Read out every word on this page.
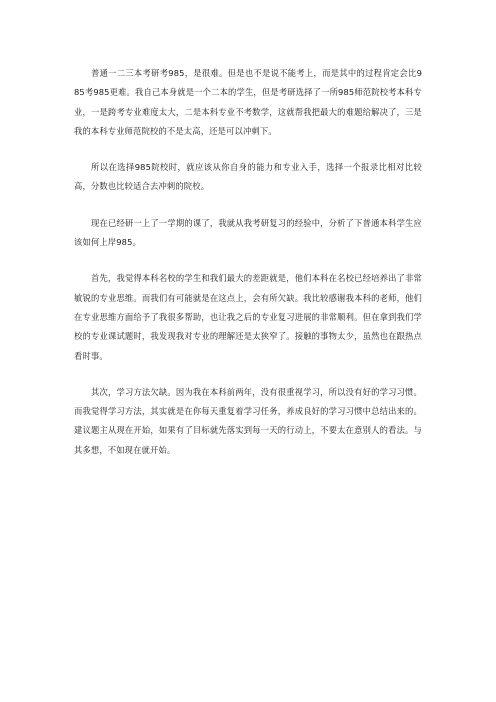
普通一二三本考研考985，是很难。但是也不是说不能考上，而是其中的过程肯定会比985考985更难。我自己本身就是一个二本的学生，但是考研选择了一所985师范院校考本科专业，一是跨考专业难度太大，二是本科专业不考数学，这就帮我把最大的难题给解决了，三是我的本科专业师范院校的不是太高，还是可以冲刺下。

所以在选择985院校时，就应该从你自身的能力和专业入手，选择一个报录比相对比较高，分数也比较适合去冲刺的院校。

现在已经研一上了一学期的课了，我就从我考研复习的经验中，分析了下普通本科学生应该如何上岸985。

首先，我觉得本科名校的学生和我们最大的差距就是，他们本科在名校已经培养出了非常敏锐的专业思维。而我们有可能就是在这点上，会有所欠缺。我比较感谢我本科的老师，他们在专业思维方面给予了我很多帮助，也让我之后的专业复习进展的非常顺利。但在拿到我们学校的专业课试题时，我发现我对专业的理解还是太狭窄了。接触的事物太少，虽然也在跟热点看时事。

其次，学习方法欠缺。因为我在本科前两年，没有很重视学习，所以没有好的学习习惯。而我觉得学习方法，其实就是在你每天重复着学习任务，养成良好的学习习惯中总结出来的。建议题主从现在开始，如果有了目标就先落实到每一天的行动上，不要太在意别人的看法。与其多想，不如现在就开始。
